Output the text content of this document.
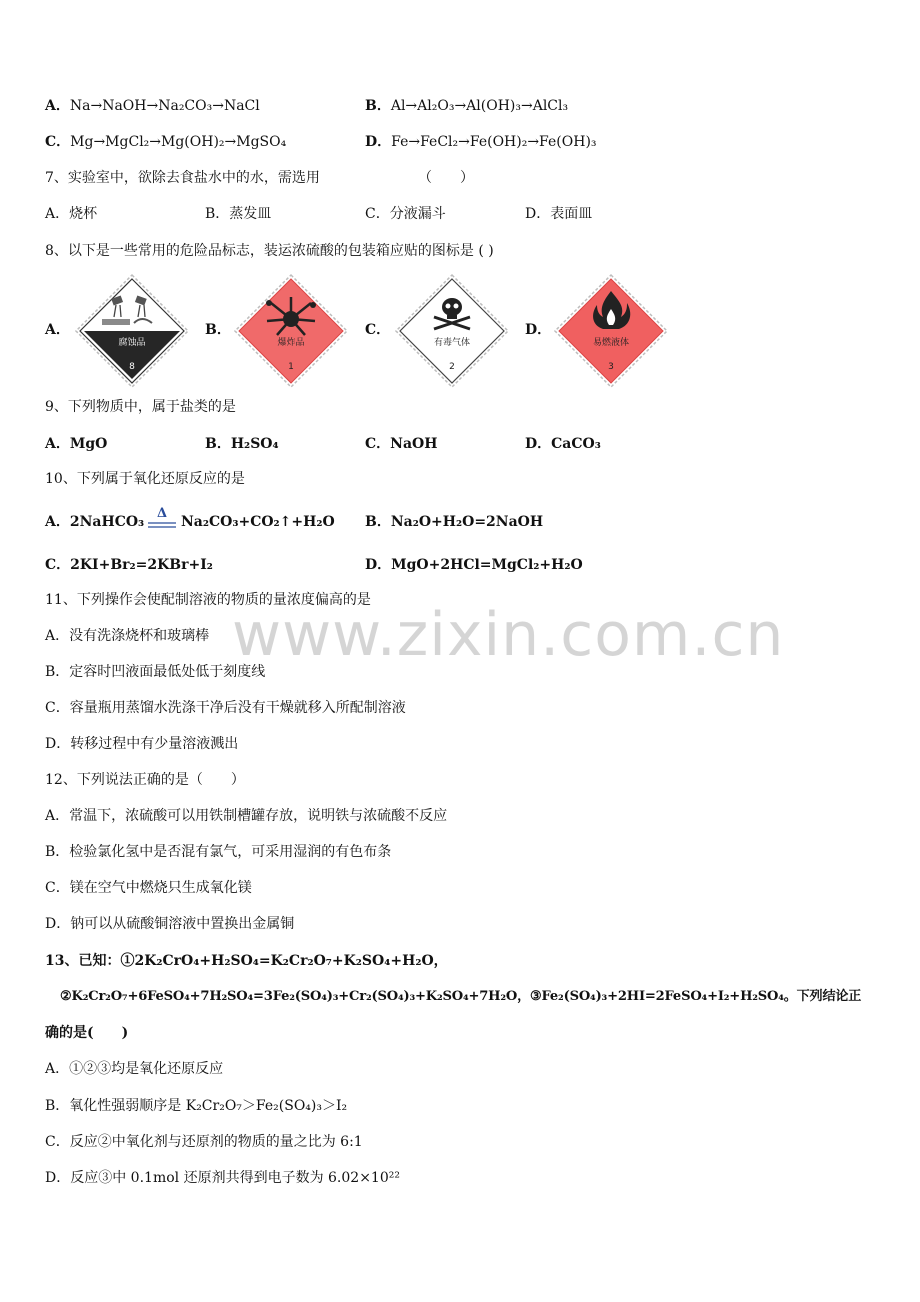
www.zixin.com.cn
A．Na→NaOH→Na₂CO₃→NaCl	B．Al→Al₂O₃→Al(OH)₃→AlCl₃
C．Mg→MgCl₂→Mg(OH)₂→MgSO₄	D．Fe→FeCl₂→Fe(OH)₂→Fe(OH)₃
7、实验室中，欲除去食盐水中的水，需选用	（　　）
A．烧杯	B．蒸发皿	C．分液漏斗	D．表面皿
8、以下是一些常用的危险品标志，装运浓硫酸的包装箱应贴的图标是 ( )
A．	B．	C．	D．
腐蚀品
8
爆炸品
1
有毒气体
2
易燃液体
3
9、下列物质中，属于盐类的是
A．MgO	B．H₂SO₄	C．NaOH	D．CaCO₃
10、下列属于氧化还原反应的是
A．2NaHCO₃
Δ
Na₂CO₃+CO₂↑+H₂O B．Na₂O+H₂O=2NaOH
C．2KI+Br₂=2KBr+I₂	D．MgO+2HCl=MgCl₂+H₂O
11、下列操作会使配制溶液的物质的量浓度偏高的是
A．没有洗涤烧杯和玻璃棒
B．定容时凹液面最低处低于刻度线
C．容量瓶用蒸馏水洗涤干净后没有干燥就移入所配制溶液
D．转移过程中有少量溶液溅出
12、下列说法正确的是（　　）
A．常温下，浓硫酸可以用铁制槽罐存放，说明铁与浓硫酸不反应
B．检验氯化氢中是否混有氯气，可采用湿润的有色布条
C．镁在空气中燃烧只生成氧化镁
D．钠可以从硫酸铜溶液中置换出金属铜
13、已知：①2K₂CrO₄+H₂SO₄=K₂Cr₂O₇+K₂SO₄+H₂O，
②K₂Cr₂O₇+6FeSO₄+7H₂SO₄=3Fe₂(SO₄)₃+Cr₂(SO₄)₃+K₂SO₄+7H₂O，③Fe₂(SO₄)₃+2HI=2FeSO₄+I₂+H₂SO₄。下列结论正
确的是(　　)
A．①②③均是氧化还原反应
B．氧化性强弱顺序是 K₂Cr₂O₇＞Fe₂(SO₄)₃＞I₂
C．反应②中氧化剂与还原剂的物质的量之比为 6:1
D．反应③中 0.1mol 还原剂共得到电子数为 6.02×10²²
